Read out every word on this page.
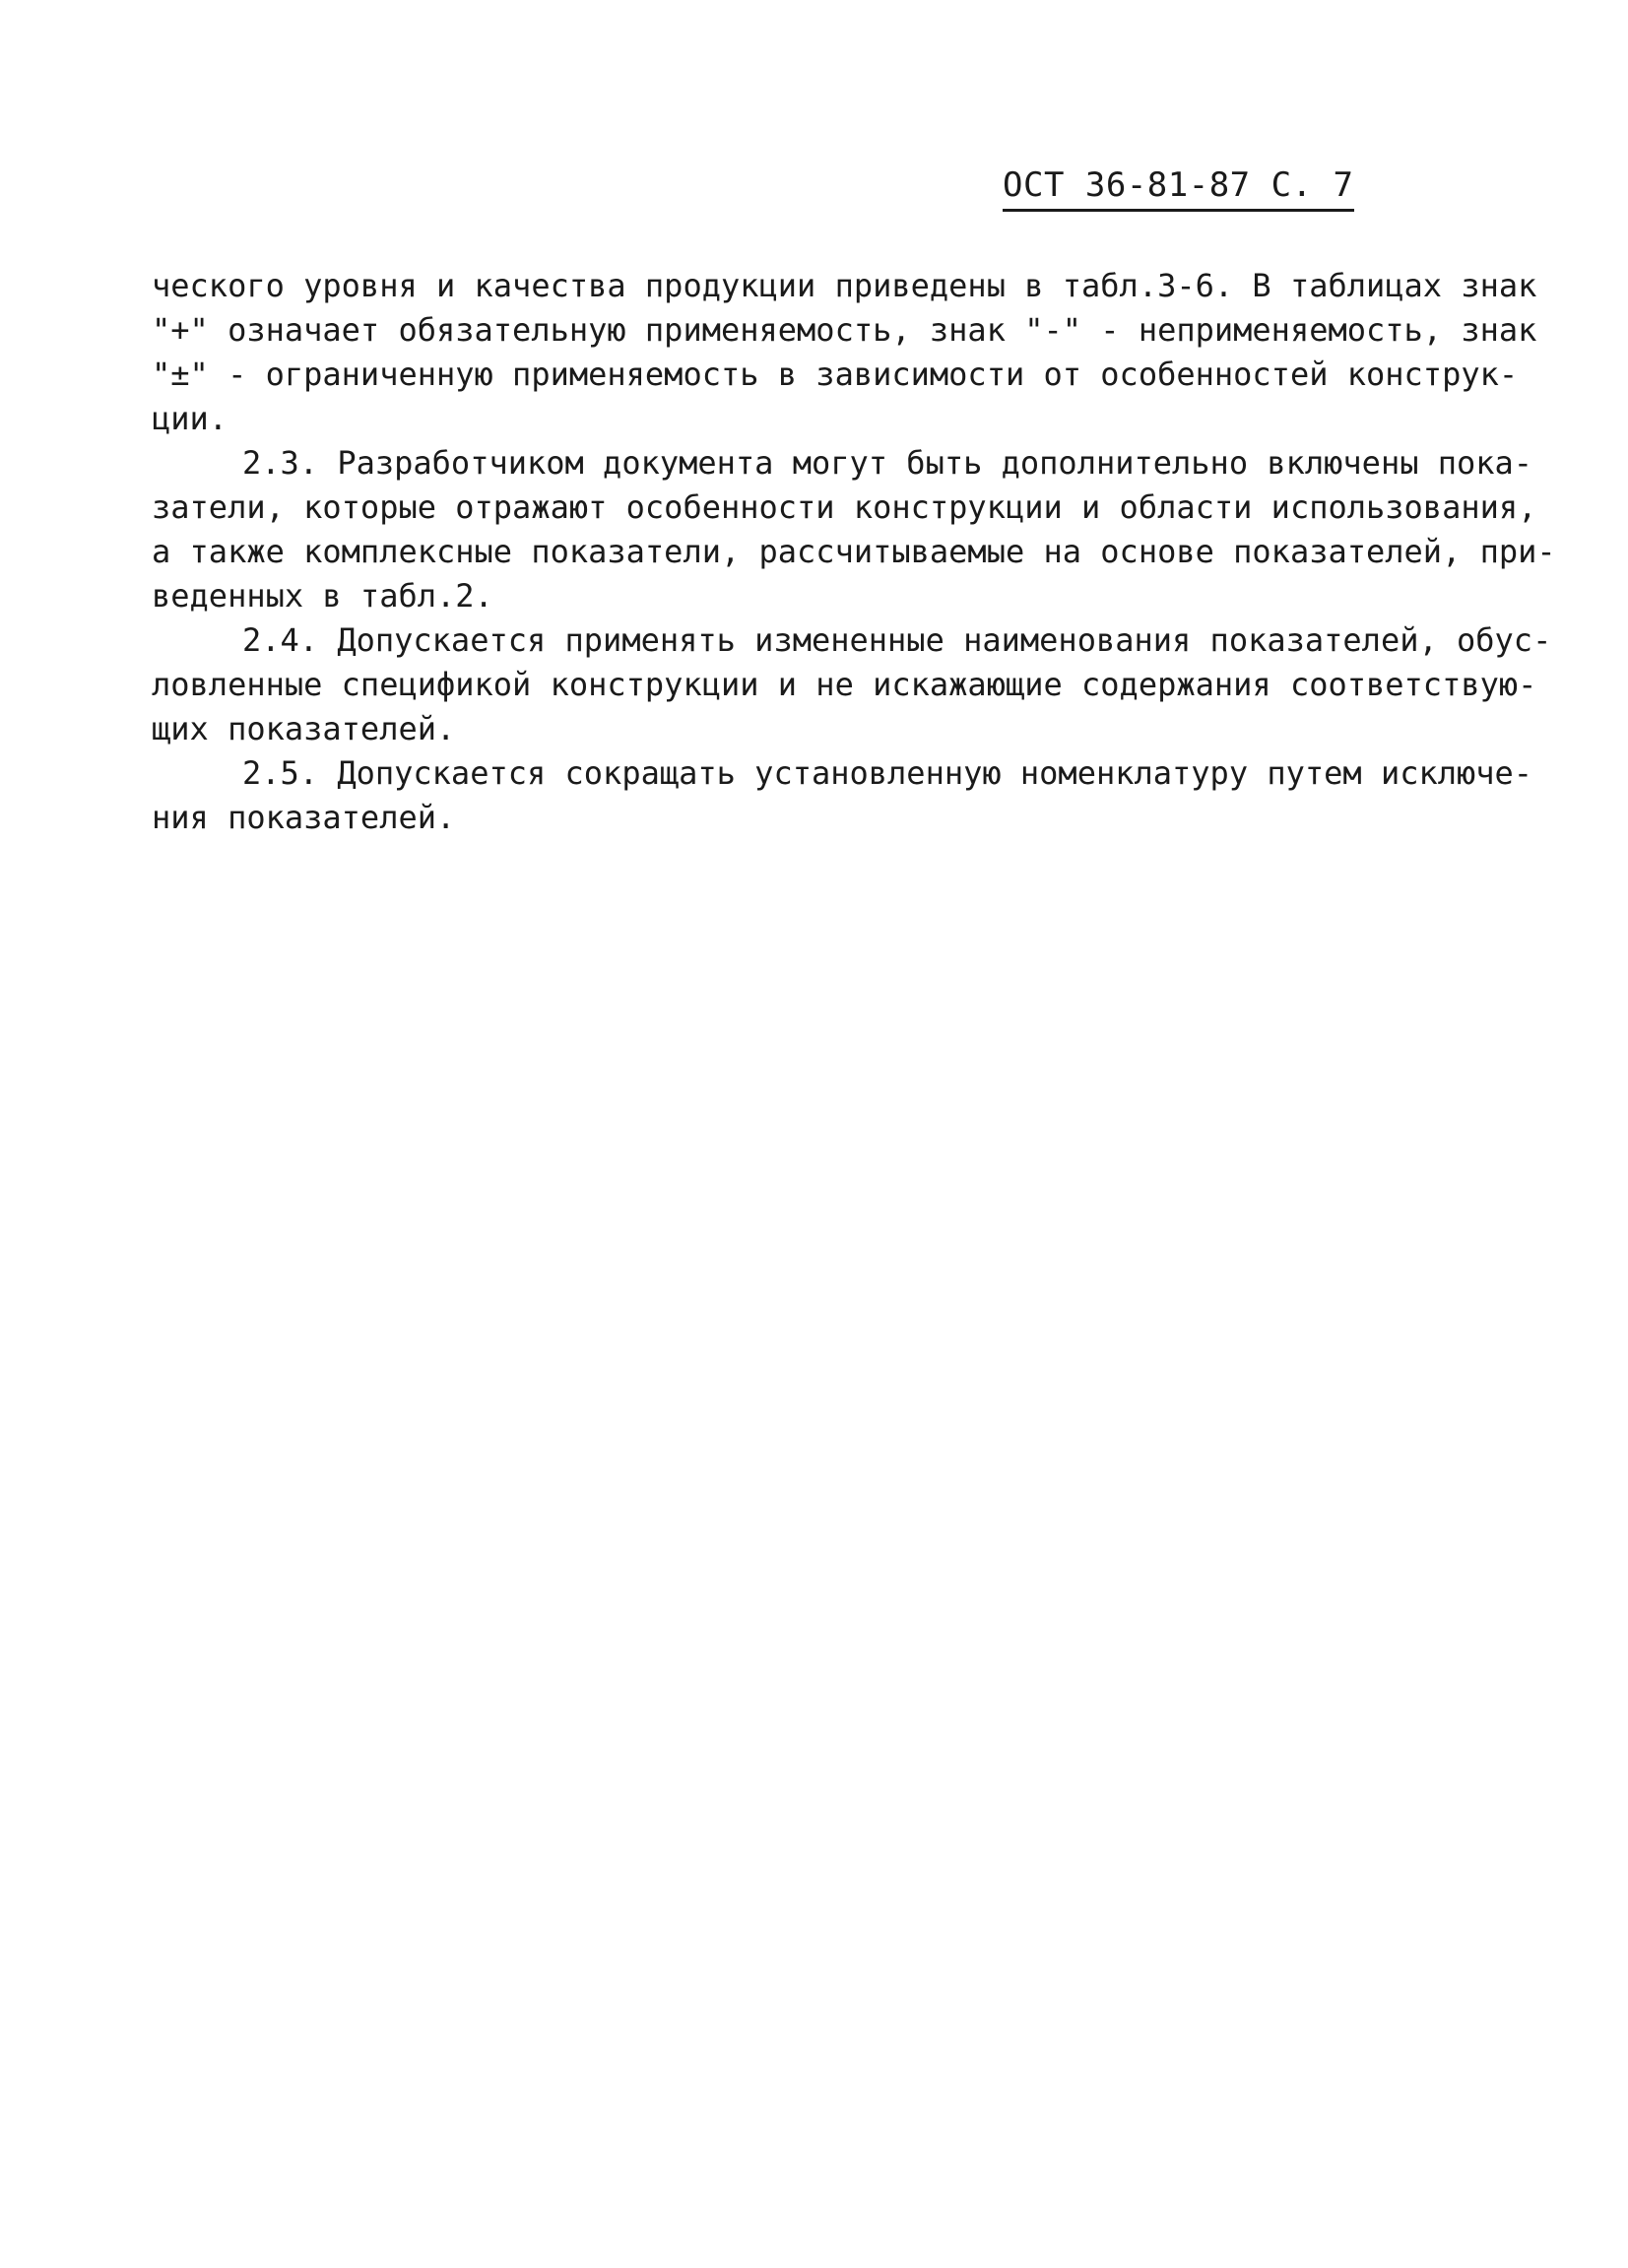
ОСТ 36-81-87 С. 7
ческого уровня и качества продукции приведены в табл.3-6. В таблицах знак
"+" означает обязательную применяемость, знак "-" - неприменяемость, знак
"±" - ограниченную применяемость в зависимости от особенностей конструк-
ции.
2.3. Разработчиком документа могут быть дополнительно включены пока-
затели, которые отражают особенности конструкции и области использования,
а также комплексные показатели, рассчитываемые на основе показателей, при-
веденных в табл.2.
2.4. Допускается применять измененные наименования показателей, обус-
ловленные спецификой конструкции и не искажающие содержания соответствую-
щих показателей.
2.5. Допускается сокращать установленную номенклатуру путем исключе-
ния показателей.
